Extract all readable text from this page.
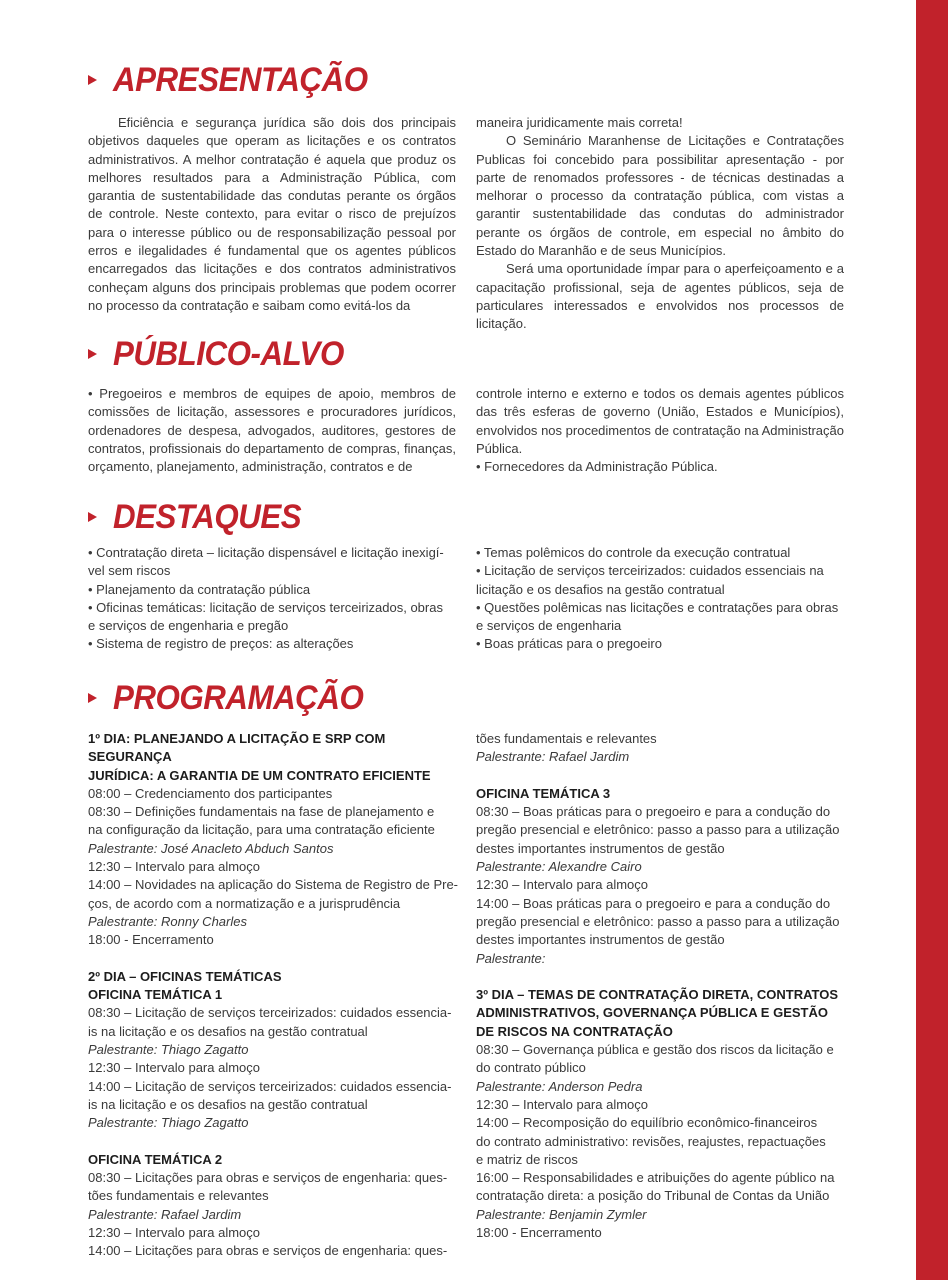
APRESENTAÇÃO

Eficiência e segurança jurídica são dois dos principais objetivos daqueles que operam as licitações e os contratos administrativos. A melhor contratação é aquela que produz os melhores resultados para a Administração Pública, com garantia de sustentabilidade das condutas perante os órgãos de controle. Neste contexto, para evitar o risco de prejuízos para o interesse público ou de responsabilização pessoal por erros e ilegalidades é fundamental que os agentes públicos encarregados das licitações e dos contratos administrativos conheçam alguns dos principais problemas que podem ocorrer no processo da contratação e saibam como evitá-los da

maneira juridicamente mais correta!

O Seminário Maranhense de Licitações e Contratações Publicas foi concebido para possibilitar apresentação - por parte de renomados professores - de técnicas destinadas a melhorar o processo da contratação pública, com vistas a garantir sustentabilidade das condutas do administrador perante os órgãos de controle, em especial no âmbito do Estado do Maranhão e de seus Municípios.

Será uma oportunidade ímpar para o aperfeiçoamento e a capacitação profissional, seja de agentes públicos, seja de particulares interessados e envolvidos nos processos de licitação.

PÚBLICO-ALVO

• Pregoeiros e membros de equipes de apoio, membros de comissões de licitação, assessores e procuradores jurídicos, ordenadores de despesa, advogados, auditores, gestores de contratos, profissionais do departamento de compras, finanças, orçamento, planejamento, administração, contratos e de

controle interno e externo e todos os demais agentes públicos das três esferas de governo (União, Estados e Municípios), envolvidos nos procedimentos de contratação na Administração Pública.

• Fornecedores da Administração Pública.

DESTAQUES
• Contratação direta – licitação dispensável e licitação inexigí-
vel sem riscos
• Planejamento da contratação pública
• Oficinas temáticas: licitação de serviços terceirizados, obras
e serviços de engenharia e pregão
• Sistema de registro de preços: as alterações
• Temas polêmicos do controle da execução contratual
• Licitação de serviços terceirizados: cuidados essenciais na
licitação e os desafios na gestão contratual
• Questões polêmicas nas licitações e contratações para obras
e serviços de engenharia
• Boas práticas para o pregoeiro
PROGRAMAÇÃO
1º DIA: PLANEJANDO A LICITAÇÃO E SRP COM SEGURANÇA
JURÍDICA: A GARANTIA DE UM CONTRATO EFICIENTE
08:00 – Credenciamento dos participantes
08:30 – Definições fundamentais na fase de planejamento e
na configuração da licitação, para uma contratação eficiente
Palestrante: José Anacleto Abduch Santos
12:30 – Intervalo para almoço
14:00 – Novidades na aplicação do Sistema de Registro de Pre-
ços, de acordo com a normatização e a jurisprudência
Palestrante: Ronny Charles
18:00 - Encerramento
2º DIA – OFICINAS TEMÁTICAS
OFICINA TEMÁTICA 1
08:30 – Licitação de serviços terceirizados: cuidados essencia-
is na licitação e os desafios na gestão contratual
Palestrante: Thiago Zagatto
12:30 – Intervalo para almoço
14:00 – Licitação de serviços terceirizados: cuidados essencia-
is na licitação e os desafios na gestão contratual
Palestrante: Thiago Zagatto
OFICINA TEMÁTICA 2
08:30 – Licitações para obras e serviços de engenharia: ques-
tões fundamentais e relevantes
Palestrante: Rafael Jardim
12:30 – Intervalo para almoço
14:00 – Licitações para obras e serviços de engenharia: ques-
tões fundamentais e relevantes
Palestrante: Rafael Jardim
OFICINA TEMÁTICA 3
08:30 – Boas práticas para o pregoeiro e para a condução do
pregão presencial e eletrônico: passo a passo para a utilização
destes importantes instrumentos de gestão
Palestrante: Alexandre Cairo
12:30 – Intervalo para almoço
14:00 – Boas práticas para o pregoeiro e para a condução do
pregão presencial e eletrônico: passo a passo para a utilização
destes importantes instrumentos de gestão
Palestrante:
3º DIA – TEMAS DE CONTRATAÇÃO DIRETA, CONTRATOS
ADMINISTRATIVOS, GOVERNANÇA PÚBLICA E GESTÃO
DE RISCOS NA CONTRATAÇÃO
08:30 – Governança pública e gestão dos riscos da licitação e
do contrato público
Palestrante: Anderson Pedra
12:30 – Intervalo para almoço
14:00 – Recomposição do equilíbrio econômico-financeiros
do contrato administrativo: revisões, reajustes, repactuações
e matriz de riscos
16:00 – Responsabilidades e atribuições do agente público na
contratação direta: a posição do Tribunal de Contas da União
Palestrante: Benjamin Zymler
18:00 - Encerramento
